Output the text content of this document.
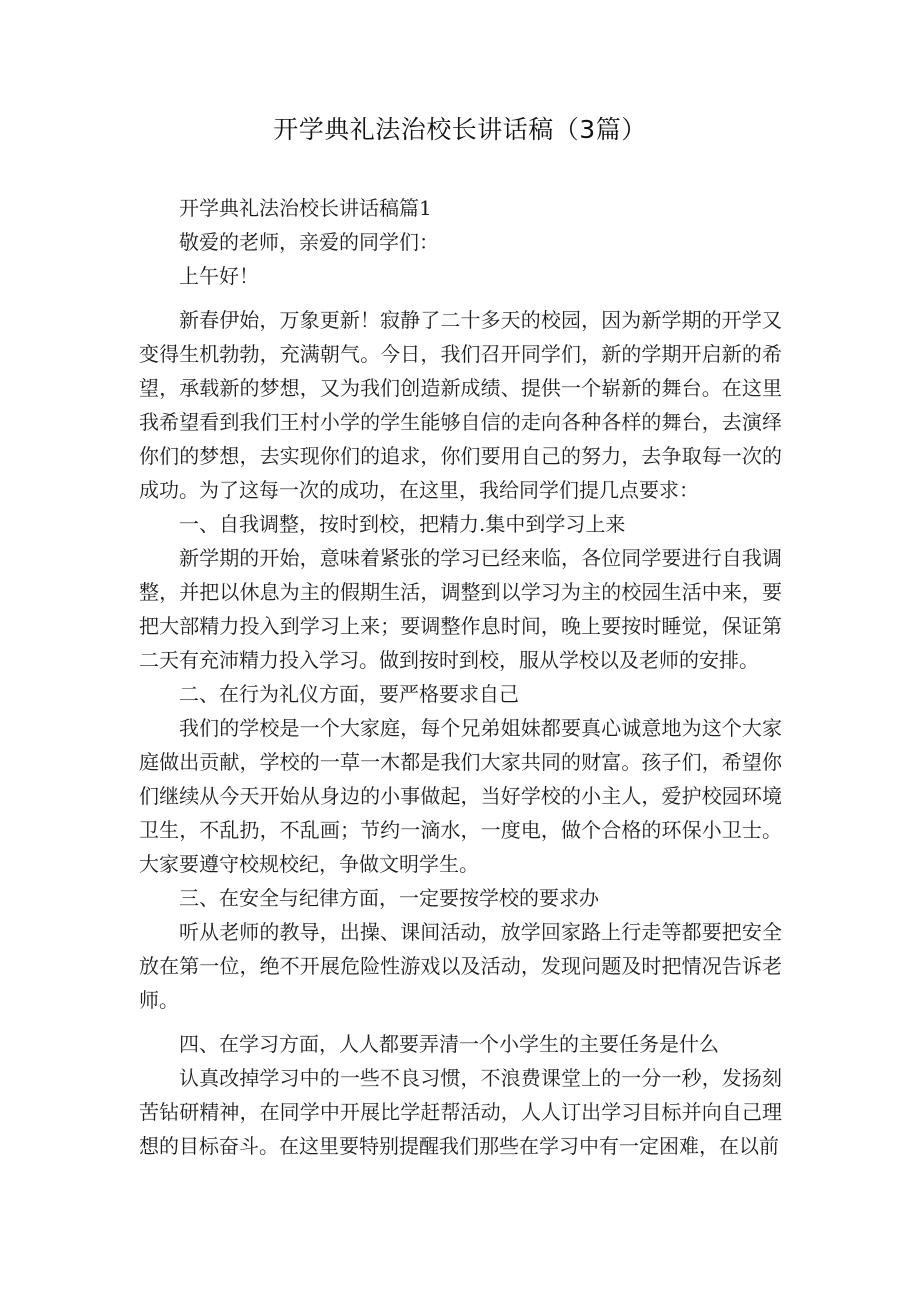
开学典礼法治校长讲话稿（3篇）

开学典礼法治校长讲话稿篇1

敬爱的老师，亲爱的同学们：

上午好！

新春伊始，万象更新！寂静了二十多天的校园，因为新学期的开学又变得生机勃勃，充满朝气。今日，我们召开同学们，新的学期开启新的希望，承载新的梦想，又为我们创造新成绩、提供一个崭新的舞台。在这里我希望看到我们王村小学的学生能够自信的走向各种各样的舞台，去演绎你们的梦想，去实现你们的追求，你们要用自己的努力，去争取每一次的成功。为了这每一次的成功，在这里，我给同学们提几点要求：

一、自我调整，按时到校，把精力.集中到学习上来

新学期的开始，意味着紧张的学习已经来临，各位同学要进行自我调整，并把以休息为主的假期生活，调整到以学习为主的校园生活中来，要把大部精力投入到学习上来；要调整作息时间，晚上要按时睡觉，保证第二天有充沛精力投入学习。做到按时到校，服从学校以及老师的安排。

二、在行为礼仪方面，要严格要求自己

我们的学校是一个大家庭，每个兄弟姐妹都要真心诚意地为这个大家庭做出贡献，学校的一草一木都是我们大家共同的财富。孩子们，希望你们继续从今天开始从身边的小事做起，当好学校的小主人，爱护校园环境卫生，不乱扔，不乱画；节约一滴水，一度电，做个合格的环保小卫士。大家要遵守校规校纪，争做文明学生。

三、在安全与纪律方面，一定要按学校的要求办

听从老师的教导，出操、课间活动，放学回家路上行走等都要把安全放在第一位，绝不开展危险性游戏以及活动，发现问题及时把情况告诉老师。

四、在学习方面，人人都要弄清一个小学生的主要任务是什么

认真改掉学习中的一些不良习惯，不浪费课堂上的一分一秒，发扬刻苦钻研精神，在同学中开展比学赶帮活动，人人订出学习目标并向自己理想的目标奋斗。在这里要特别提醒我们那些在学习中有一定困难，在以前
